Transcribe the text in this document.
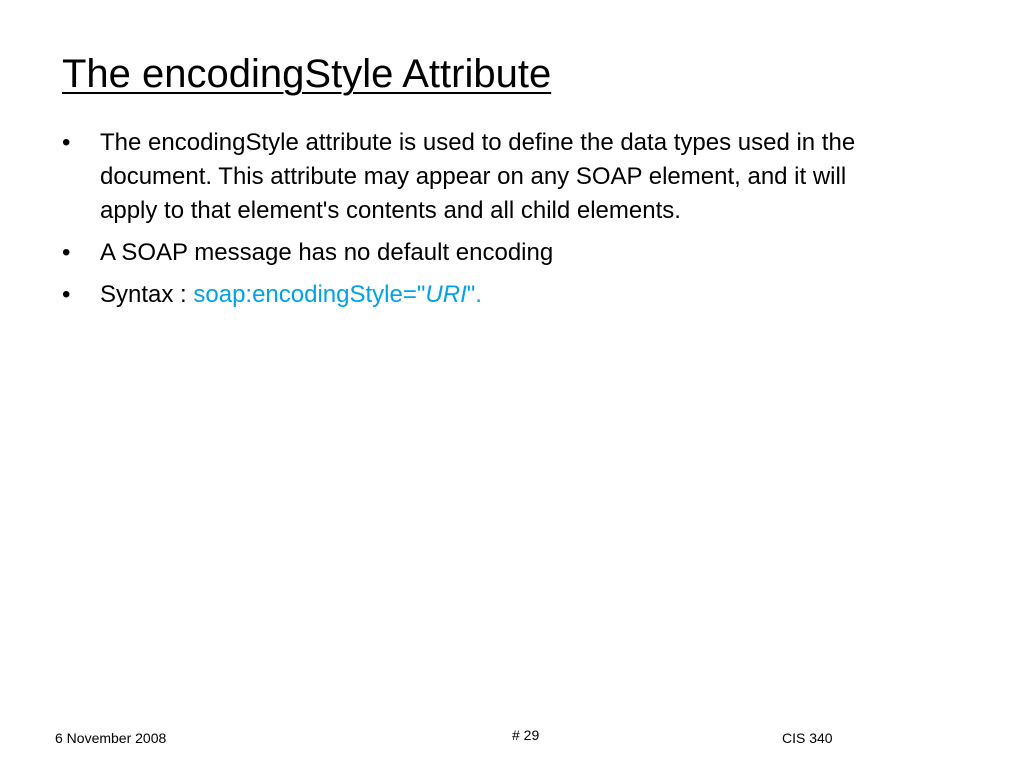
The encodingStyle Attribute
•	The encodingStyle attribute is used to define the data types used in the document. This attribute may appear on any SOAP element, and it will apply to that element's contents and all child elements.
•	A SOAP message has no default encoding
•	Syntax : soap:encodingStyle="URI".
6 November 2008	# 29	CIS 340
